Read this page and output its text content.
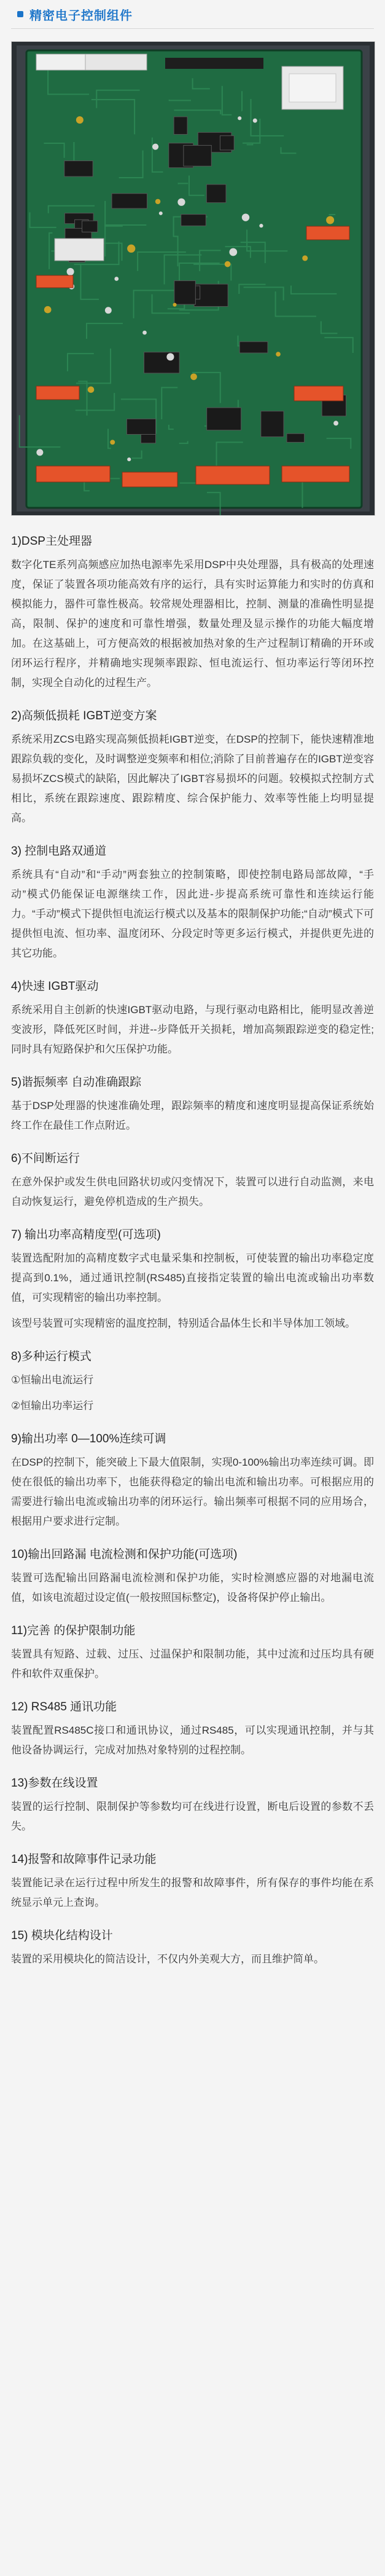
精密电子控制组件

1)DSP主处理器

数字化TE系列高频感应加热电源率先采用DSP中央处理器，具有极高的处理速度，保证了装置各项功能高效有序的运行，具有实时运算能力和实时的仿真和模拟能力，器件可靠性极高。较常规处理器相比，控制、测量的准确性明显提高，限制、保护的速度和可靠性增强，数量处理及显示操作的功能大幅度增加。在这基础上，可方便高效的根据被加热对象的生产过程制订精确的开环或闭环运行程序，并精确地实现频率跟踪、恒电流运行、恒功率运行等闭环控制，实现全自动化的过程生产。

2)高频低损耗 IGBT逆变方案

系统采用ZCS电路实现高频低损耗IGBT逆变，在DSP的控制下，能快速精准地跟踪负载的变化，及时调整逆变频率和相位;消除了目前普遍存在的IGBT逆变容易损坏ZCS模式的缺陷，因此解决了IGBT容易损坏的问题。较模拟式控制方式相比，系统在跟踪速度、跟踪精度、综合保护能力、效率等性能上均明显提高。

3) 控制电路双通道

系统具有“自动”和“手动”两套独立的控制策略，即使控制电路局部故障，“手动”模式仍能保证电源继续工作，因此进-步提高系统可靠性和连续运行能力。“手动”模式下提供恒电流运行模式以及基本的限制保护功能;“自动”模式下可提供恒电流、恒功率、温度闭环、分段定时等更多运行模式，并提供更先进的其它功能。

4)快速 IGBT驱动

系统采用自主创新的快速IGBT驱动电路，与现行驱动电路相比，能明显改善逆变波形，降低死区时间，并进--步降低开关损耗，增加高频跟踪逆变的稳定性;同时具有短路保护和欠压保护功能。

5)谐振频率 自动准确跟踪

基于DSP处理器的快速准确处理，跟踪频率的精度和速度明显提高保证系统始终工作在最佳工作点附近。

6)不间断运行

在意外保护或发生供电回路状切或闪变情况下，装置可以进行自动监测，来电自动恢复运行，避免停机造成的生产损失。

7) 输出功率高精度型(可选项)

装置选配附加的高精度数字式电量采集和控制板，可使装置的输出功率稳定度提高到0.1%，通过通讯控制(RS485)直接指定装置的输出电流或输出功率数值，可实现精密的输出功率控制。

该型号装置可实现精密的温度控制，特别适合晶体生长和半导体加工领域。

8)多种运行模式

①恒输出电流运行

②恒输出功率运行

9)输出功率 0—100%连续可调

在DSP的控制下，能突破上下最大值限制，实现0-100%输出功率连续可调。即使在很低的输出功率下，也能获得稳定的输出电流和输出功率。可根据应用的需要进行输出电流或输出功率的闭环运行。输出频率可根据不同的应用场合，根据用户要求进行定制。

10)输出回路漏 电流检测和保护功能(可选项)

装置可选配输出回路漏电流检测和保护功能，实时检测感应器的对地漏电流值，如该电流超过设定值(一般按照国标整定)，设备将保护停止输出。

11)完善 的保护限制功能

装置具有短路、过载、过压、过温保护和限制功能，其中过流和过压均具有硬件和软件双重保护。

12) RS485 通讯功能

装置配置RS485C接口和通讯协议，通过RS485，可以实现通讯控制，并与其他设备协调运行，完成对加热对象特别的过程控制。

13)参数在线设置

装置的运行控制、限制保护等参数均可在线进行设置，断电后设置的参数不丢失。

14)报警和故障事件记录功能

装置能记录在运行过程中所发生的报警和故障事件，所有保存的事件均能在系统显示单元上查询。

15) 模块化结构设计

装置的采用模块化的简洁设计，不仅内外美观大方，而且维护简单。
